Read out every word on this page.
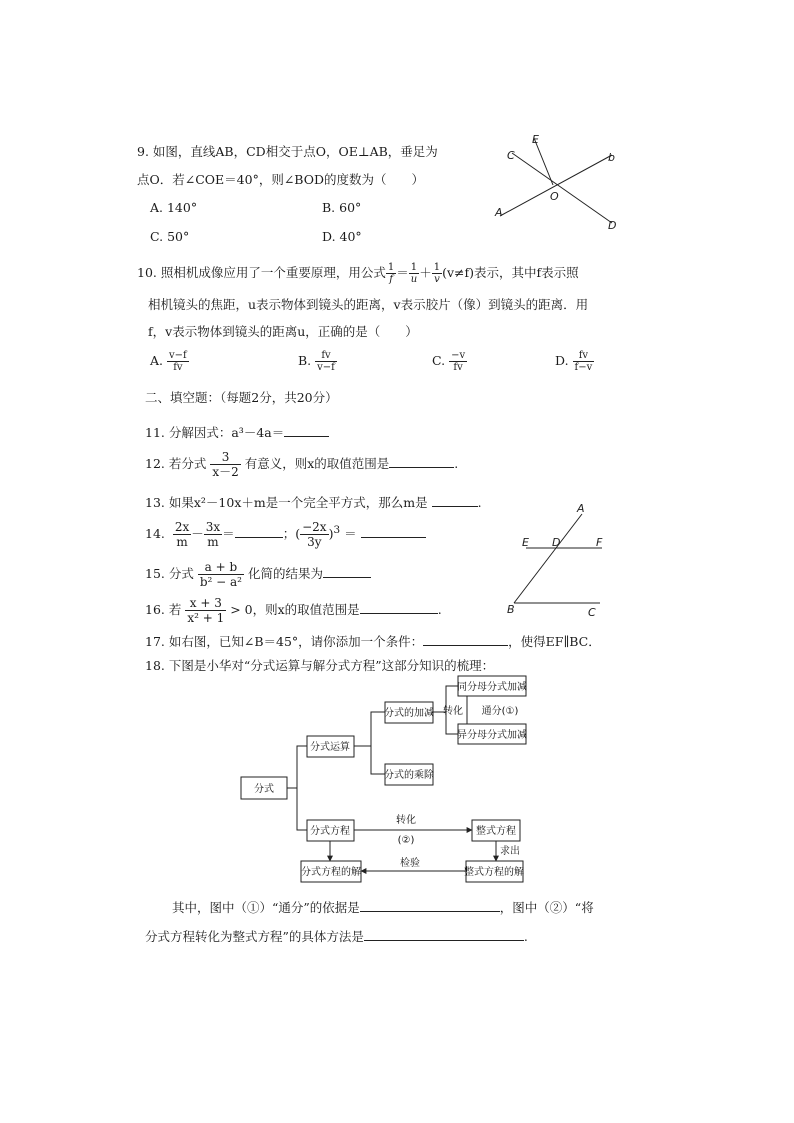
9. 如图，直线AB，CD相交于点O，OE⊥AB，垂足为
点O．若∠COE＝40°，则∠BOD的度数为（　　）
A. 140°	B. 60°
C. 50°	D. 40°
C
E
b
A
O
D
10. 照相机成像应用了一个重要原理，用公式 $\frac{1}{f} = \frac{1}{u} + \frac{1}{v} (v\ne f)$表示，其中f表示照
相机镜头的焦距，u表示物体到镜头的距离，v表示胶片（像）到镜头的距离．用
f，v表示物体到镜头的距离u，正确的是（　　）
A. $\frac{v-f}{fv}$	B. $\frac{fv}{v-f}$	C. $\frac{-v}{fv}$	D. $\frac{fv}{f-v}$
二、填空题：（每题2分，共20分）
11. 分解因式：a³－4a＝
12. 若分式 $\frac{3}{x-2}$ 有意义，则x的取值范围是	.
13. 如果x²－10x＋m是一个完全平方式，那么m是	.
14. $\frac{2x}{m} - \frac{3x}{m}$ ＝	；( $\frac{-2x}{3y} )^3$ ＝
15. 分式 $\frac{a + b}{\text{b² − a²}}$ 化简的结果为
16. 若 $\frac{x + 3}{\text{x² + 1}} > 0$，则x的取值范围是	.
17. 如右图，已知∠B＝45°，请你添加一个条件：	，使得EF∥BC．
A
E D	F
B	C
18. 下图是小华对“分式运算与解分式方程”这部分知识的梳理：
分式
分式运算
分式的加减
分式的乘除
同分母分式加减
异分母分式加减
转化 通分(①)
分式方程
转化
(②)
整式方程
求出
整式方程的解
检验
分式方程的解
其中，图中（①）“通分”的依据是	，图中（②）“将
分式方程转化为整式方程”的具体方法是	.
